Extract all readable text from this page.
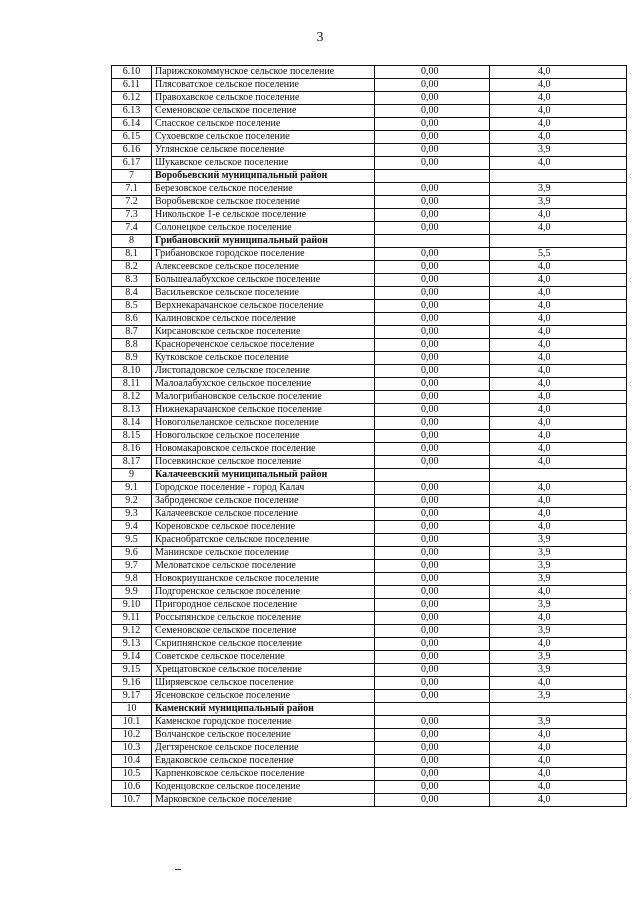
3
6.10	Парижскокоммунское сельское поселение	0,00	4,0
6.11	Плясоватское сельское поселение	0,00	4,0
6.12	Правохавское сельское поселение	0,00	4,0
6.13	Семеновское сельское поселение	0,00	4,0
6.14	Спасское сельское поселение	0,00	4,0
6.15	Сухоевское сельское поселение	0,00	4,0
6.16	Углянское сельское поселение	0,00	3,9
6.17	Шукавское сельское поселение	0,00	4,0
7	Воробьевский муниципальный район		
7.1	Березовское сельское поселение	0,00	3,9
7.2	Воробьевское сельское поселение	0,00	3,9
7.3	Никольское 1-е сельское поселение	0,00	4,0
7.4	Солонецкое сельское поселение	0,00	4,0
8	Грибановский муниципальный район		
8.1	Грибановское городское поселение	0,00	5,5
8.2	Алексеевское сельское поселение	0,00	4,0
8.3	Большеалабухское сельское поселение	0,00	4,0
8.4	Васильевское сельское поселение	0,00	4,0
8.5	Верхнекарачанское сельское поселение	0,00	4,0
8.6	Калиновское сельское поселение	0,00	4,0
8.7	Кирсановское сельское поселение	0,00	4,0
8.8	Краснореченское сельское поселение	0,00	4,0
8.9	Кутковское сельское поселение	0,00	4,0
8.10	Листопадовское сельское поселение	0,00	4,0
8.11	Малоалабухское сельское поселение	0,00	4,0
8.12	Малогрибановское сельское поселение	0,00	4,0
8.13	Нижнекарачанское сельское поселение	0,00	4,0
8.14	Новогольеланское сельское поселение	0,00	4,0
8.15	Новогольское сельское поселение	0,00	4,0
8.16	Новомакаровское сельское поселение	0,00	4,0
8.17	Посевкинское сельское поселение	0,00	4,0
9	Калачеевский муниципальный район		
9.1	Городское поселение - город Калач	0,00	4,0
9.2	Заброденское сельское поселение	0,00	4,0
9.3	Калачеевское сельское поселение	0,00	4,0
9.4	Кореновское сельское поселение	0,00	4,0
9.5	Краснобратское сельское поселение	0,00	3,9
9.6	Манинское сельское поселение	0,00	3,9
9.7	Меловатское сельское поселение	0,00	3,9
9.8	Новокриушанское сельское поселение	0,00	3,9
9.9	Подгоренское сельское поселение	0,00	4,0
9.10	Пригородное сельское поселение	0,00	3,9
9.11	Россыпянское сельское поселение	0,00	4,0
9.12	Семеновское сельское поселение	0,00	3,9
9.13	Скрипнянское сельское поселение	0,00	4,0
9.14	Советское сельское поселение	0,00	3,9
9.15	Хрещатовское сельское поселение	0,00	3,9
9.16	Ширяевское сельское поселение	0,00	4,0
9.17	Ясеновское сельское поселение	0,00	3,9
10	Каменский муниципальный район		
10.1	Каменское городское поселение	0,00	3,9
10.2	Волчанское сельское поселение	0,00	4,0
10.3	Дегтяренское сельское поселение	0,00	4,0
10.4	Евдаковское сельское поселение	0,00	4,0
10.5	Карпенковское сельское поселение	0,00	4,0
10.6	Коденцовское сельское поселение	0,00	4,0
10.7	Марковское сельское поселение	0,00	4,0
